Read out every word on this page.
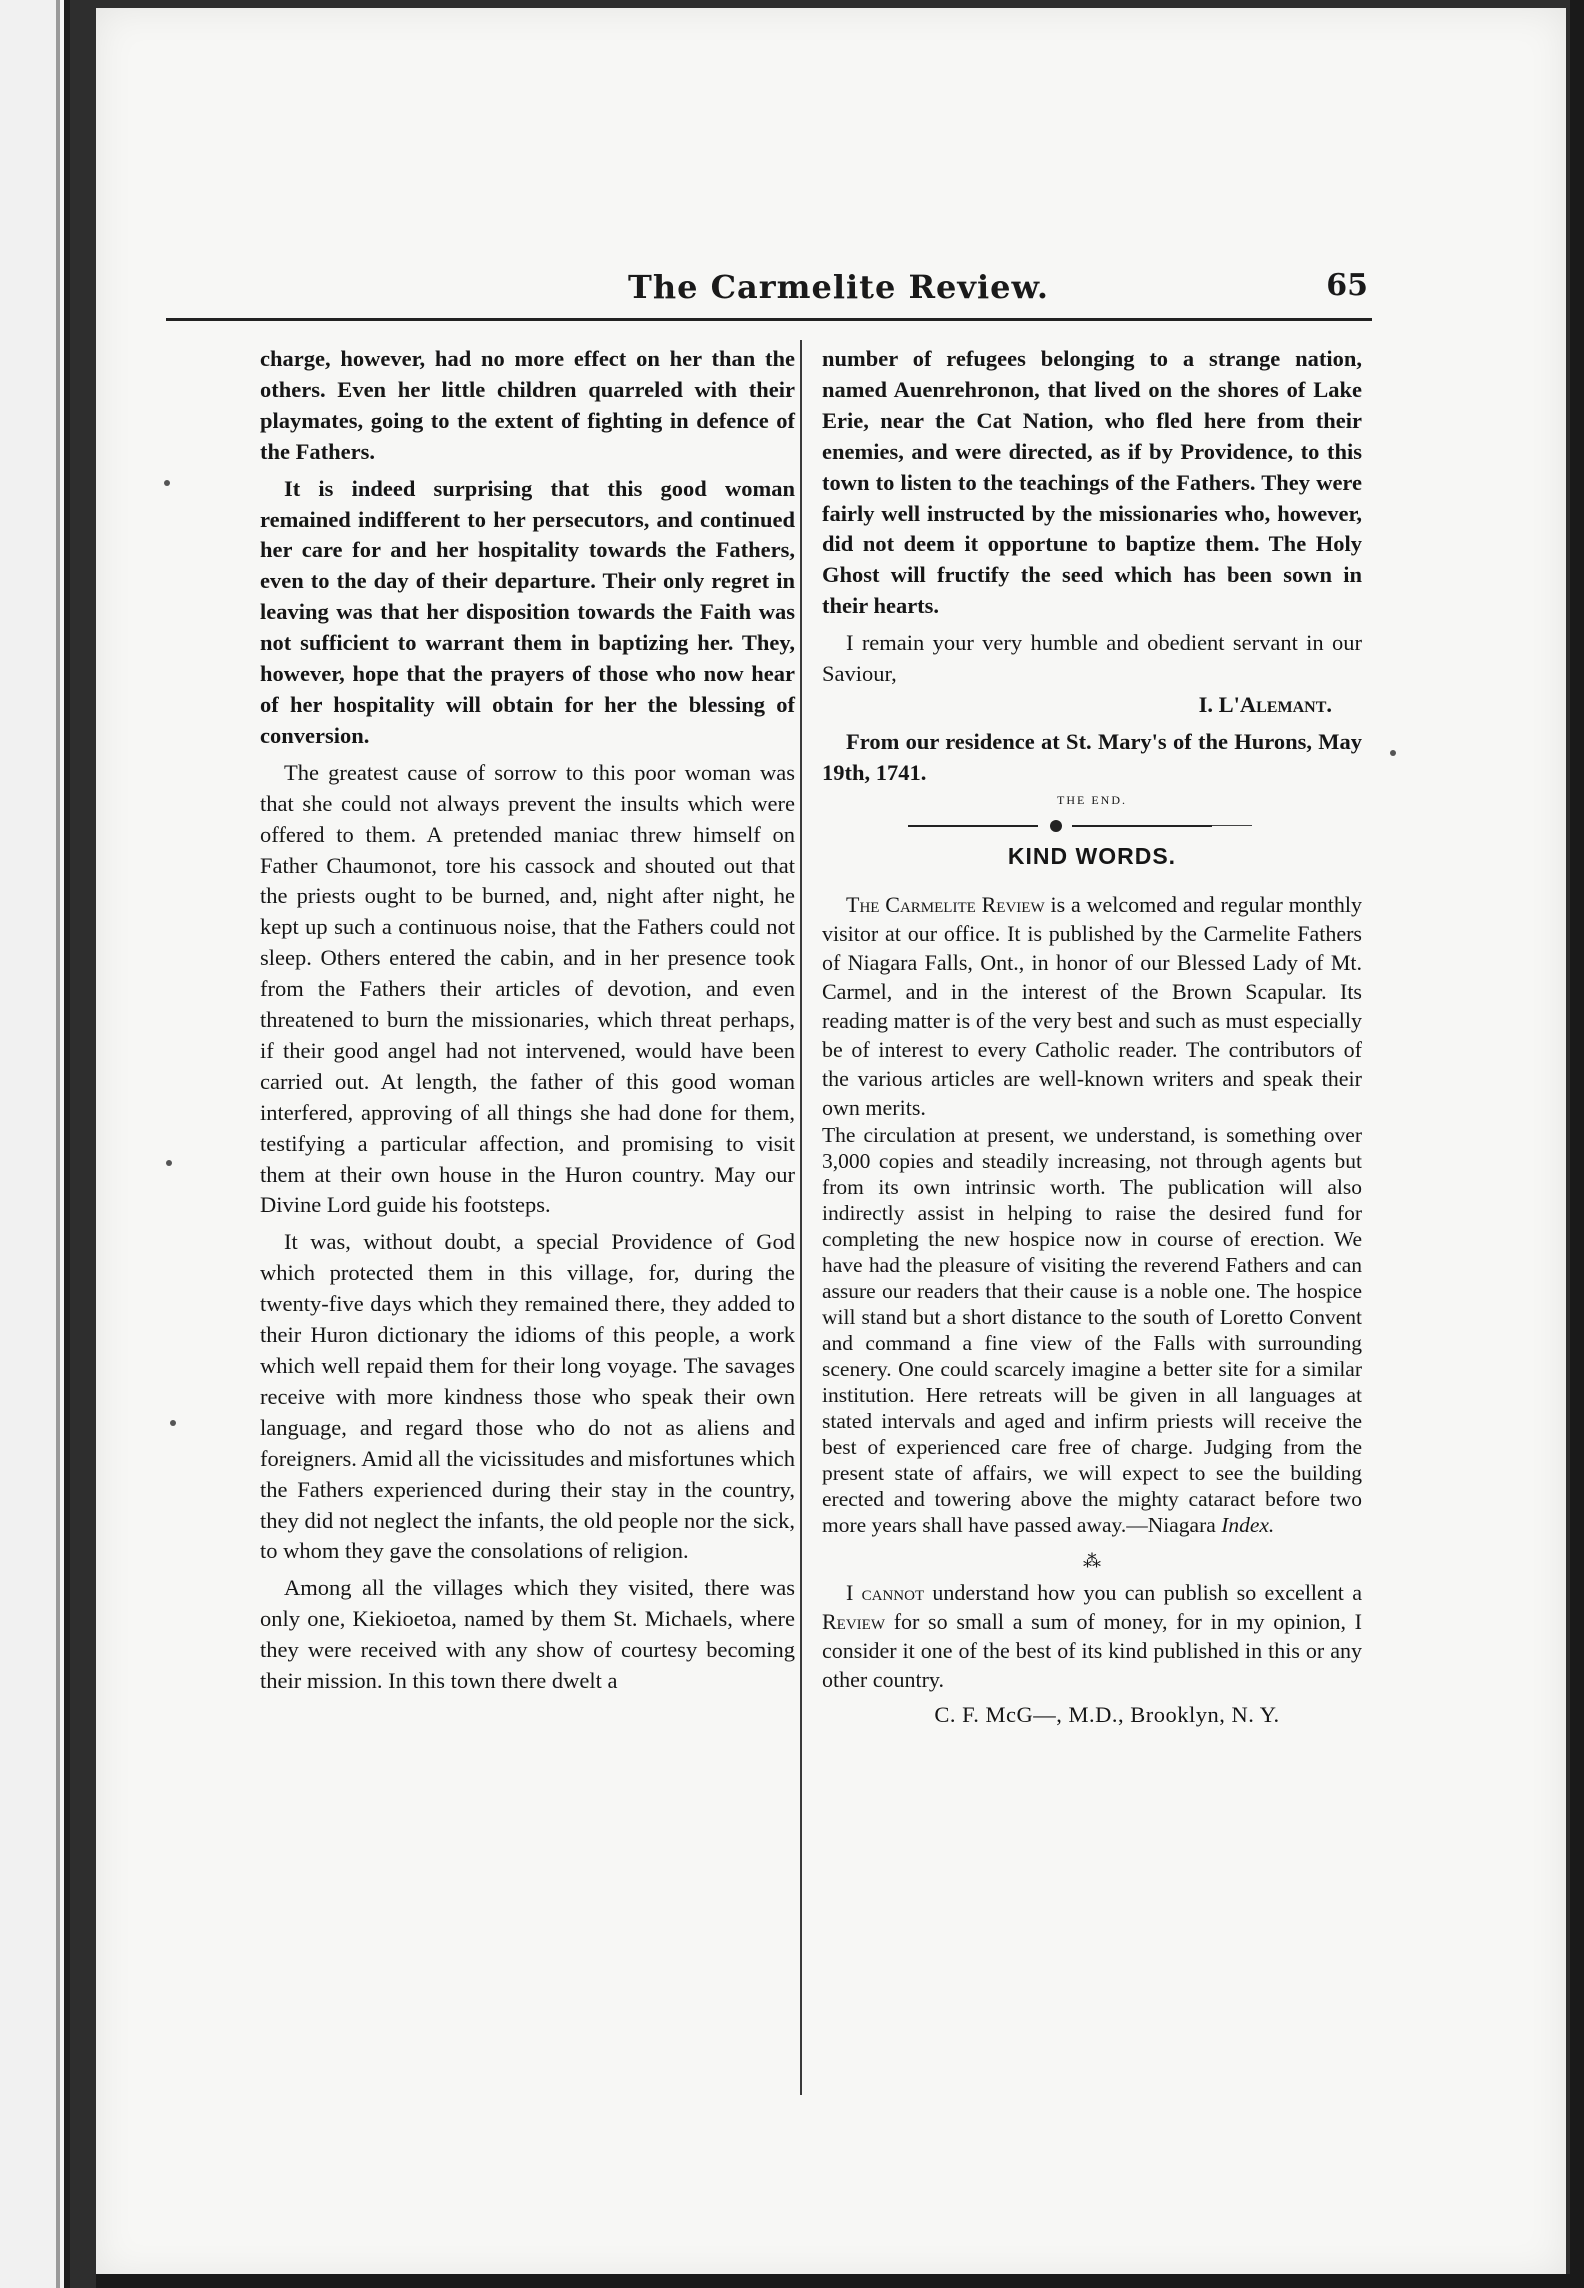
The Carmelite Review.	65

charge, however, had no more effect on her than the others. Even her little children quarreled with their playmates, going to the extent of fighting in defence of the Fathers.

It is indeed surprising that this good woman remained indifferent to her persecutors, and continued her care for and her hospitality towards the Fathers, even to the day of their departure. Their only regret in leaving was that her disposition towards the Faith was not sufficient to warrant them in baptizing her. They, however, hope that the prayers of those who now hear of her hospitality will obtain for her the blessing of conversion.

The greatest cause of sorrow to this poor woman was that she could not always prevent the insults which were offered to them. A pretended maniac threw himself on Father Chaumonot, tore his cassock and shouted out that the priests ought to be burned, and, night after night, he kept up such a continuous noise, that the Fathers could not sleep. Others entered the cabin, and in her presence took from the Fathers their articles of devotion, and even threatened to burn the missionaries, which threat perhaps, if their good angel had not intervened, would have been carried out. At length, the father of this good woman interfered, approving of all things she had done for them, testifying a particular affection, and promising to visit them at their own house in the Huron country. May our Divine Lord guide his footsteps.

It was, without doubt, a special Providence of God which protected them in this village, for, during the twenty-five days which they remained there, they added to their Huron dictionary the idioms of this people, a work which well repaid them for their long voyage. The savages receive with more kindness those who speak their own language, and regard those who do not as aliens and foreigners. Amid all the vicissitudes and misfortunes which the Fathers experienced during their stay in the country, they did not neglect the infants, the old people nor the sick, to whom they gave the consolations of religion.

Among all the villages which they visited, there was only one, Kiekioetoa, named by them St. Michaels, where they were received with any show of courtesy becoming their mission. In this town there dwelt a

number of refugees belonging to a strange nation, named Auenrehronon, that lived on the shores of Lake Erie, near the Cat Nation, who fled here from their enemies, and were directed, as if by Providence, to this town to listen to the teachings of the Fathers. They were fairly well instructed by the missionaries who, however, did not deem it opportune to baptize them. The Holy Ghost will fructify the seed which has been sown in their hearts.

I remain your very humble and obedient servant in our Saviour,

I. L'Alemant.

From our residence at St. Mary's of the Hurons, May 19th, 1741.

THE END.

KIND WORDS.

The Carmelite Review is a welcomed and regular monthly visitor at our office. It is published by the Carmelite Fathers of Niagara Falls, Ont., in honor of our Blessed Lady of Mt. Carmel, and in the interest of the Brown Scapular. Its reading matter is of the very best and such as must especially be of interest to every Catholic reader. The contributors of the various articles are well-known writers and speak their own merits.

The circulation at present, we understand, is something over 3,000 copies and steadily increasing, not through agents but from its own intrinsic worth. The publication will also indirectly assist in helping to raise the desired fund for completing the new hospice now in course of erection. We have had the pleasure of visiting the reverend Fathers and can assure our readers that their cause is a noble one. The hospice will stand but a short distance to the south of Loretto Convent and command a fine view of the Falls with surrounding scenery. One could scarcely imagine a better site for a similar institution. Here retreats will be given in all languages at stated intervals and aged and infirm priests will receive the best of experienced care free of charge. Judging from the present state of affairs, we will expect to see the building erected and towering above the mighty cataract before two more years shall have passed away.—Niagara Index.

⁂

I cannot understand how you can publish so excellent a Review for so small a sum of money, for in my opinion, I consider it one of the best of its kind published in this or any other country.

C. F. McG—, M.D., Brooklyn, N. Y.
